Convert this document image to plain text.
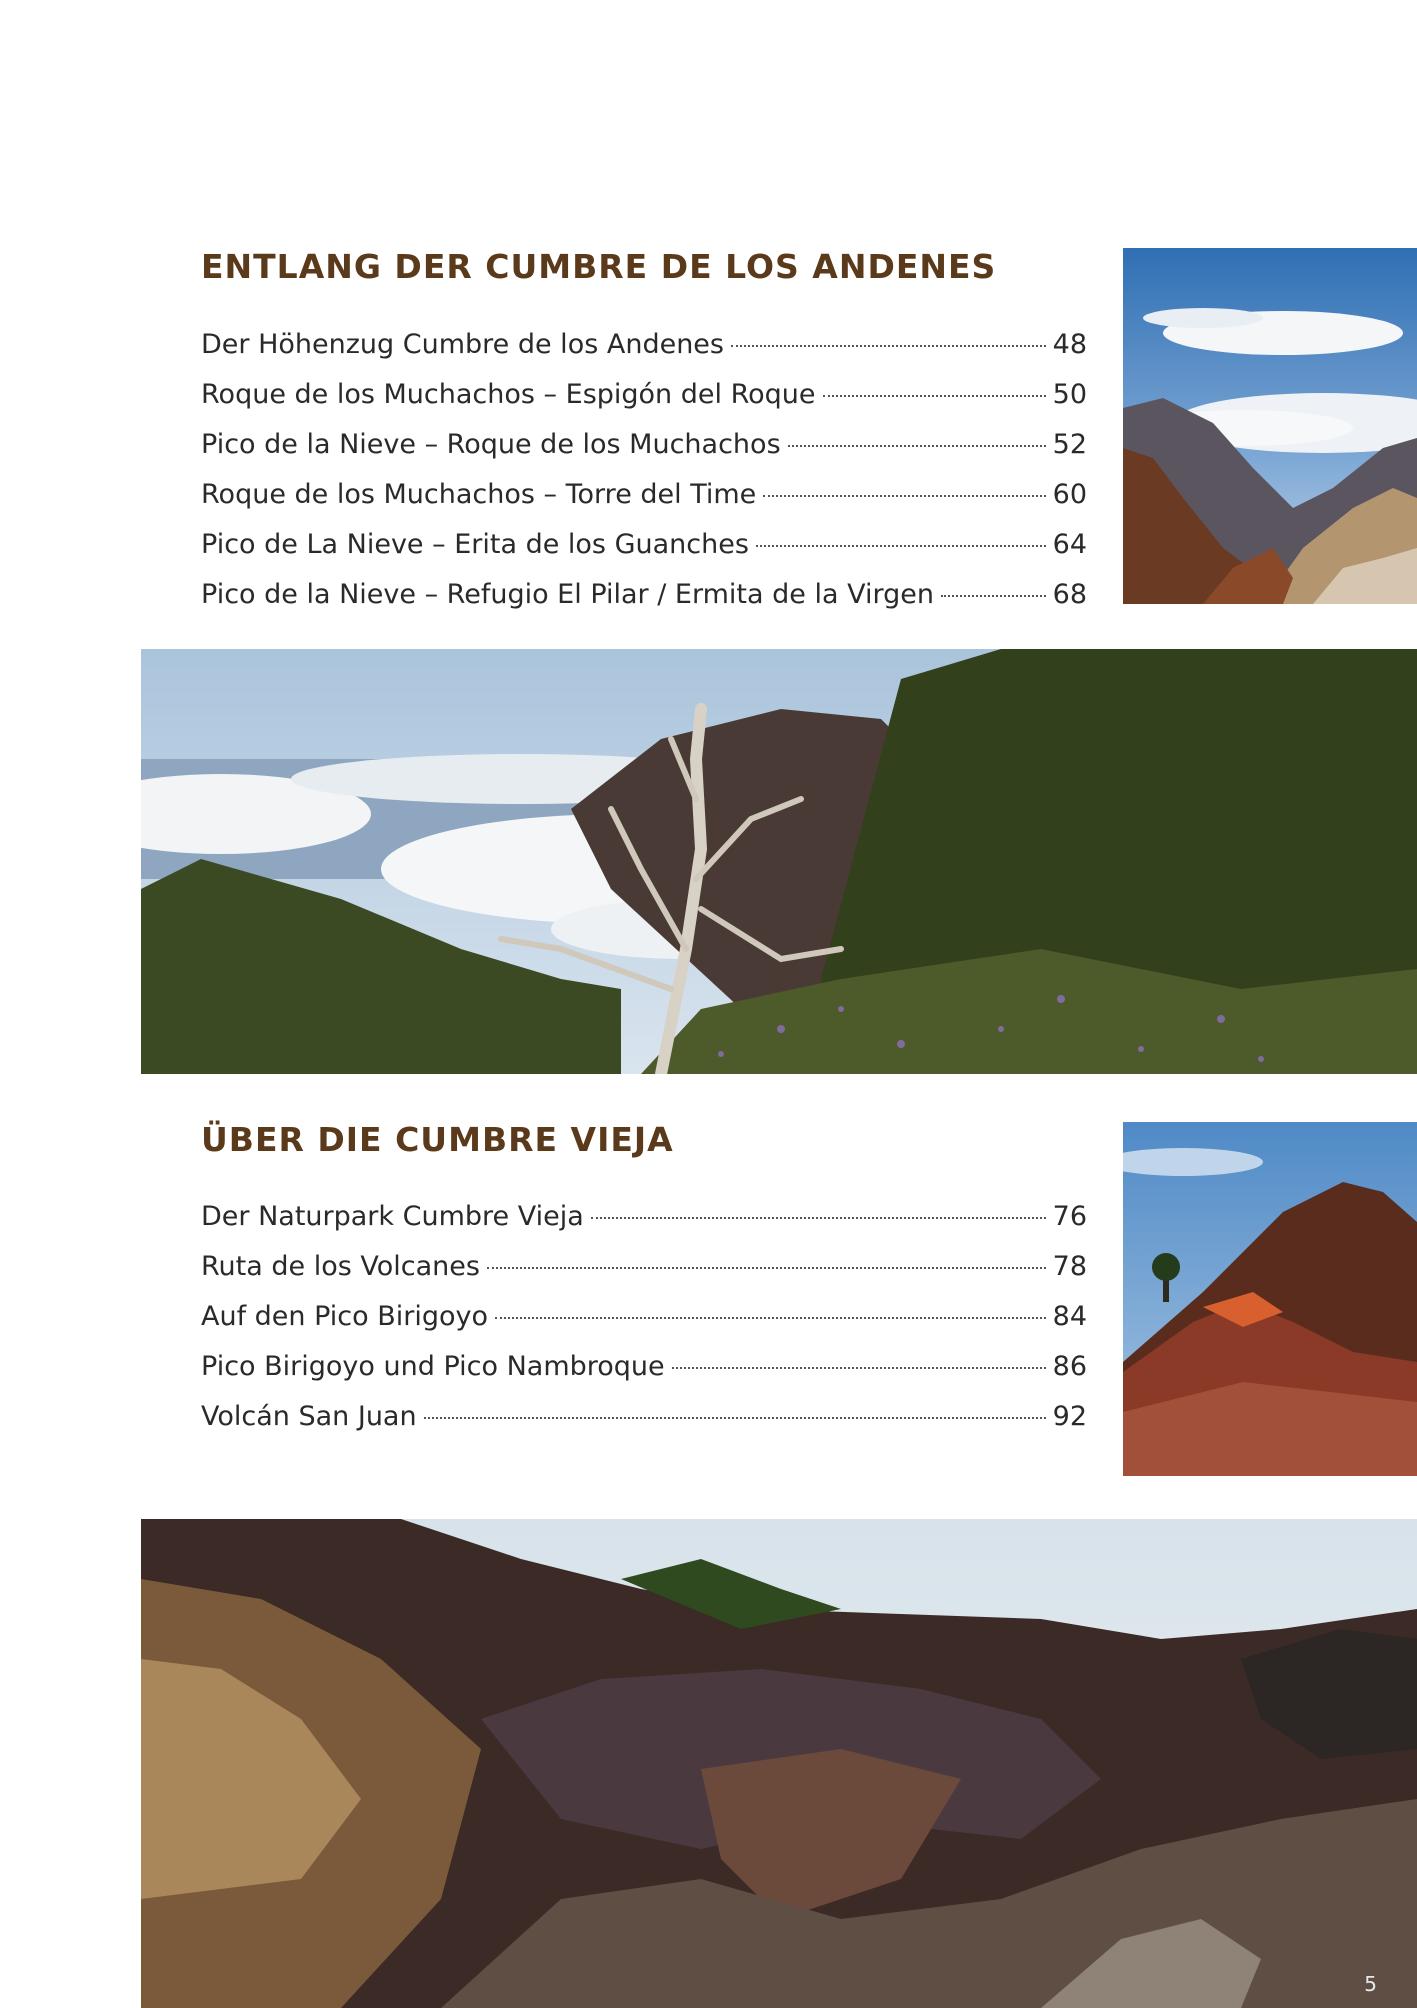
ENTLANG DER CUMBRE DE LOS ANDENES
Der Höhenzug Cumbre de los Andenes	48
Roque de los Muchachos – Espigón del Roque	50
Pico de la Nieve – Roque de los Muchachos	52
Roque de los Muchachos – Torre del Time	60
Pico de La Nieve – Erita de los Guanches	64
Pico de la Nieve – Refugio El Pilar / Ermita de la Virgen	68
ÜBER DIE CUMBRE VIEJA
Der Naturpark Cumbre Vieja	76
Ruta de los Volcanes	78
Auf den Pico Birigoyo	84
Pico Birigoyo und Pico Nambroque	86
Volcán San Juan	92
5
